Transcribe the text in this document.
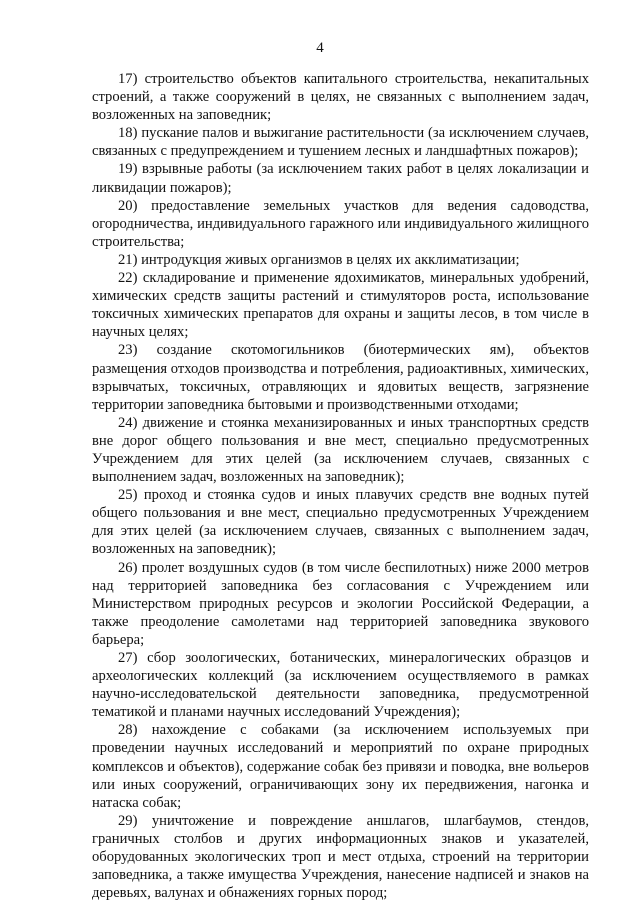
4

17) строительство объектов капитального строительства, некапитальных строений, а также сооружений в целях, не связанных с выполнением задач, возложенных на заповедник;

18) пускание палов и выжигание растительности (за исключением случаев, связанных с предупреждением и тушением лесных и ландшафтных пожаров);

19) взрывные работы (за исключением таких работ в целях локализации и ликвидации пожаров);

20) предоставление земельных участков для ведения садоводства, огородничества, индивидуального гаражного или индивидуального жилищного строительства;

21) интродукция живых организмов в целях их акклиматизации;

22) складирование и применение ядохимикатов, минеральных удобрений, химических средств защиты растений и стимуляторов роста, использование токсичных химических препаратов для охраны и защиты лесов, в том числе в научных целях;

23) создание скотомогильников (биотермических ям), объектов размещения отходов производства и потребления, радиоактивных, химических, взрывчатых, токсичных, отравляющих и ядовитых веществ, загрязнение территории заповедника бытовыми и производственными отходами;

24) движение и стоянка механизированных и иных транспортных средств вне дорог общего пользования и вне мест, специально предусмотренных Учреждением для этих целей (за исключением случаев, связанных с выполнением задач, возложенных на заповедник);

25) проход и стоянка судов и иных плавучих средств вне водных путей общего пользования и вне мест, специально предусмотренных Учреждением для этих целей (за исключением случаев, связанных с выполнением задач, возложенных на заповедник);

26) пролет воздушных судов (в том числе беспилотных) ниже 2000 метров над территорией заповедника без согласования с Учреждением или Министерством природных ресурсов и экологии Российской Федерации, а также преодоление самолетами над территорией заповедника звукового барьера;

27) сбор зоологических, ботанических, минералогических образцов и археологических коллекций (за исключением осуществляемого в рамках научно-исследовательской деятельности заповедника, предусмотренной тематикой и планами научных исследований Учреждения);

28) нахождение с собаками (за исключением используемых при проведении научных исследований и мероприятий по охране природных комплексов и объектов), содержание собак без привязи и поводка, вне вольеров или иных сооружений, ограничивающих зону их передвижения, нагонка и натаска собак;

29) уничтожение и повреждение аншлагов, шлагбаумов, стендов, граничных столбов и других информационных знаков и указателей, оборудованных экологических троп и мест отдыха, строений на территории заповедника, а также имущества Учреждения, нанесение надписей и знаков на деревьях, валунах и обнажениях горных пород;
